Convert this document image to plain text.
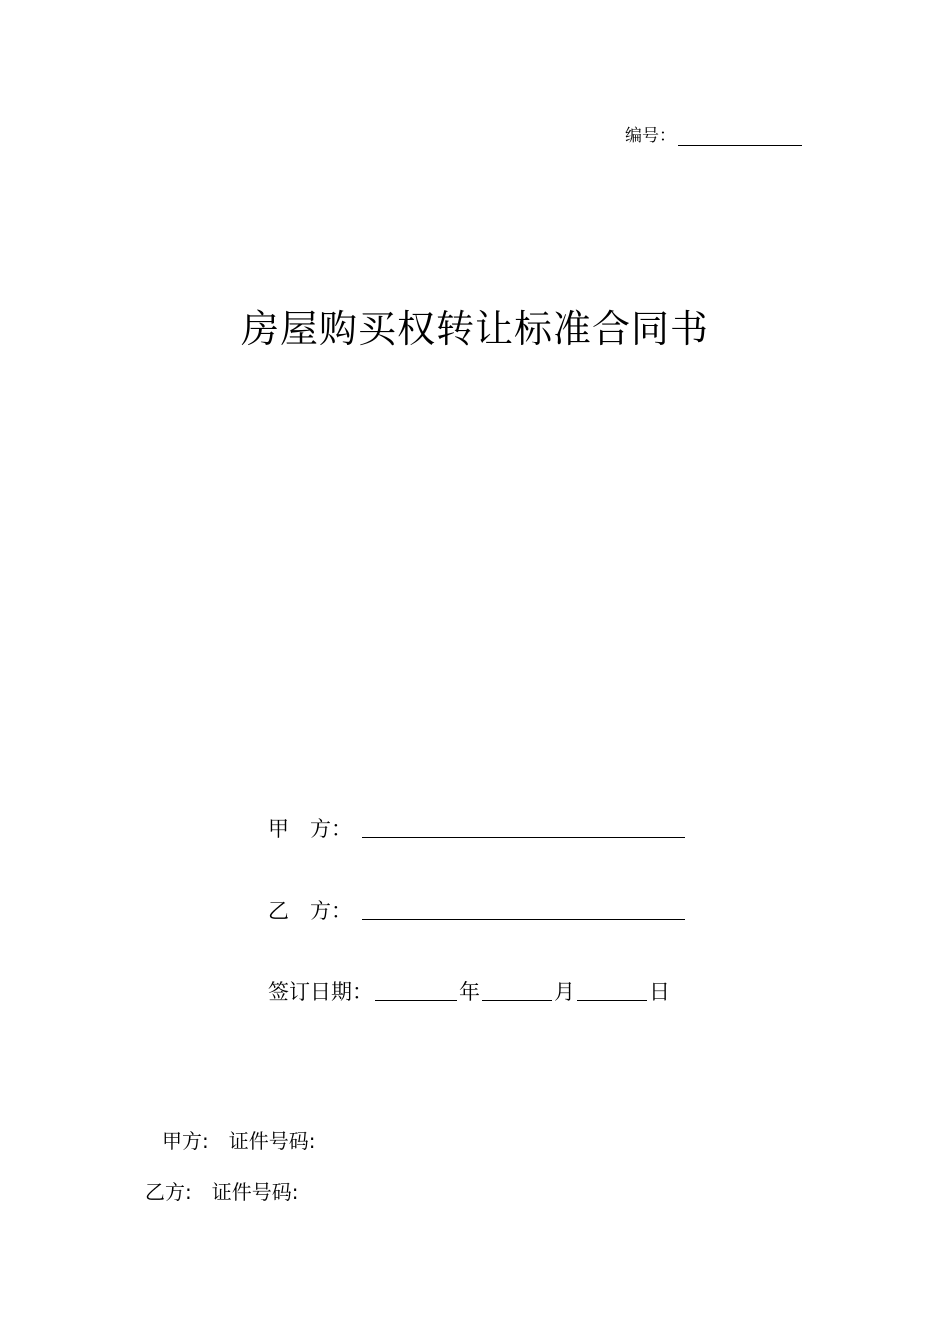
编号：
房屋购买权转让标准合同书
甲　方：
乙　方：
签订日期：	年	月	日
甲方: 证件号码:
乙方: 证件号码:
